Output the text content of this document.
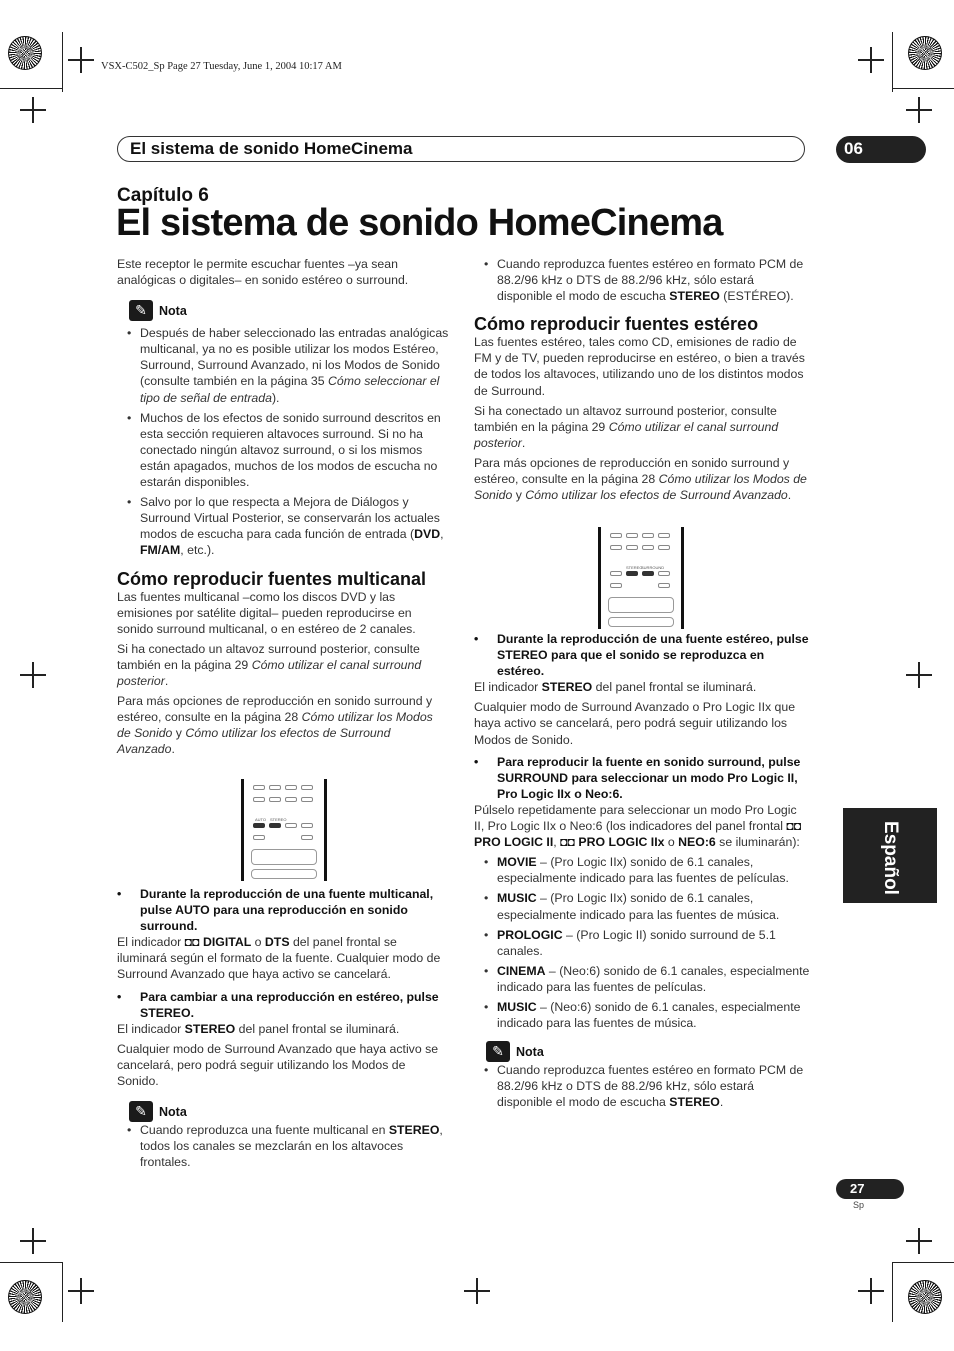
VSX-C502_Sp Page 27 Tuesday, June 1, 2004 10:17 AM
El sistema de sonido HomeCinema	06
Capítulo 6
El sistema de sonido HomeCinema

Este receptor le permite escuchar fuentes –ya sean analógicas o digitales– en sonido estéreo o surround.

✎ Nota
• Después de haber seleccionado las entradas analógicas multicanal, ya no es posible utilizar los modos Estéreo, Surround, Surround Avanzado, ni los Modos de Sonido (consulte también en la página 35 Cómo seleccionar el tipo de señal de entrada).
• Muchos de los efectos de sonido surround descritos en esta sección requieren altavoces surround. Si no ha conectado ningún altavoz surround, o si los mismos están apagados, muchos de los modos de escucha no estarán disponibles.
• Salvo por lo que respecta a Mejora de Diálogos y Surround Virtual Posterior, se conservarán los actuales modos de escucha para cada función de entrada (DVD, FM/AM, etc.).
Cómo reproducir fuentes multicanal

Las fuentes multicanal –como los discos DVD y las emisiones por satélite digital– pueden reproducirse en sonido surround multicanal, o en estéreo de 2 canales.

Si ha conectado un altavoz surround posterior, consulte también en la página 29 Cómo utilizar el canal surround posterior.

Para más opciones de reproducción en sonido surround y estéreo, consulte en la página 28 Cómo utilizar los Modos de Sonido y Cómo utilizar los efectos de Surround Avanzado.

AUTO STEREO
• Durante la reproducción de una fuente multicanal, pulse AUTO para una reproducción en sonido surround.

El indicador ◘◘ DIGITAL o DTS del panel frontal se iluminará según el formato de la fuente. Cualquier modo de Surround Avanzado que haya activo se cancelará.

• Para cambiar a una reproducción en estéreo, pulse STEREO.

El indicador STEREO del panel frontal se iluminará.

Cualquier modo de Surround Avanzado que haya activo se cancelará, pero podrá seguir utilizando los Modos de Sonido.

✎ Nota
• Cuando reproduzca una fuente multicanal en STEREO, todos los canales se mezclarán en los altavoces frontales.
• Cuando reproduzca fuentes estéreo en formato PCM de 88.2/96 kHz o DTS de 88.2/96 kHz, sólo estará disponible el modo de escucha STEREO (ESTÉREO).
Cómo reproducir fuentes estéreo

Las fuentes estéreo, tales como CD, emisiones de radio de FM y de TV, pueden reproducirse en estéreo, o bien a través de todos los altavoces, utilizando uno de los distintos modos de Surround.

Si ha conectado un altavoz surround posterior, consulte también en la página 29 Cómo utilizar el canal surround posterior.

Para más opciones de reproducción en sonido surround y estéreo, consulte en la página 28 Cómo utilizar los Modos de Sonido y Cómo utilizar los efectos de Surround Avanzado.

STEREO
SURROUND
• Durante la reproducción de una fuente estéreo, pulse STEREO para que el sonido se reproduzca en estéreo.

El indicador STEREO del panel frontal se iluminará.

Cualquier modo de Surround Avanzado o Pro Logic IIx que haya activo se cancelará, pero podrá seguir utilizando los Modos de Sonido.

• Para reproducir la fuente en sonido surround, pulse SURROUND para seleccionar un modo Pro Logic II, Pro Logic IIx o Neo:6.

Púlselo repetidamente para seleccionar un modo Pro Logic II, Pro Logic IIx o Neo:6 (los indicadores del panel frontal ◘◘ PRO LOGIC II, ◘◘ PRO LOGIC IIx o NEO:6 se iluminarán):

• MOVIE – (Pro Logic IIx) sonido de 6.1 canales, especialmente indicado para las fuentes de películas.
• MUSIC – (Pro Logic IIx) sonido de 6.1 canales, especialmente indicado para las fuentes de música.
• PROLOGIC – (Pro Logic II) sonido surround de 5.1 canales.
• CINEMA – (Neo:6) sonido de 6.1 canales, especialmente indicado para las fuentes de películas.
• MUSIC – (Neo:6) sonido de 6.1 canales, especialmente indicado para las fuentes de música.
✎ Nota
• Cuando reproduzca fuentes estéreo en formato PCM de 88.2/96 kHz o DTS de 88.2/96 kHz, sólo estará disponible el modo de escucha STEREO.
Español
27
Sp
